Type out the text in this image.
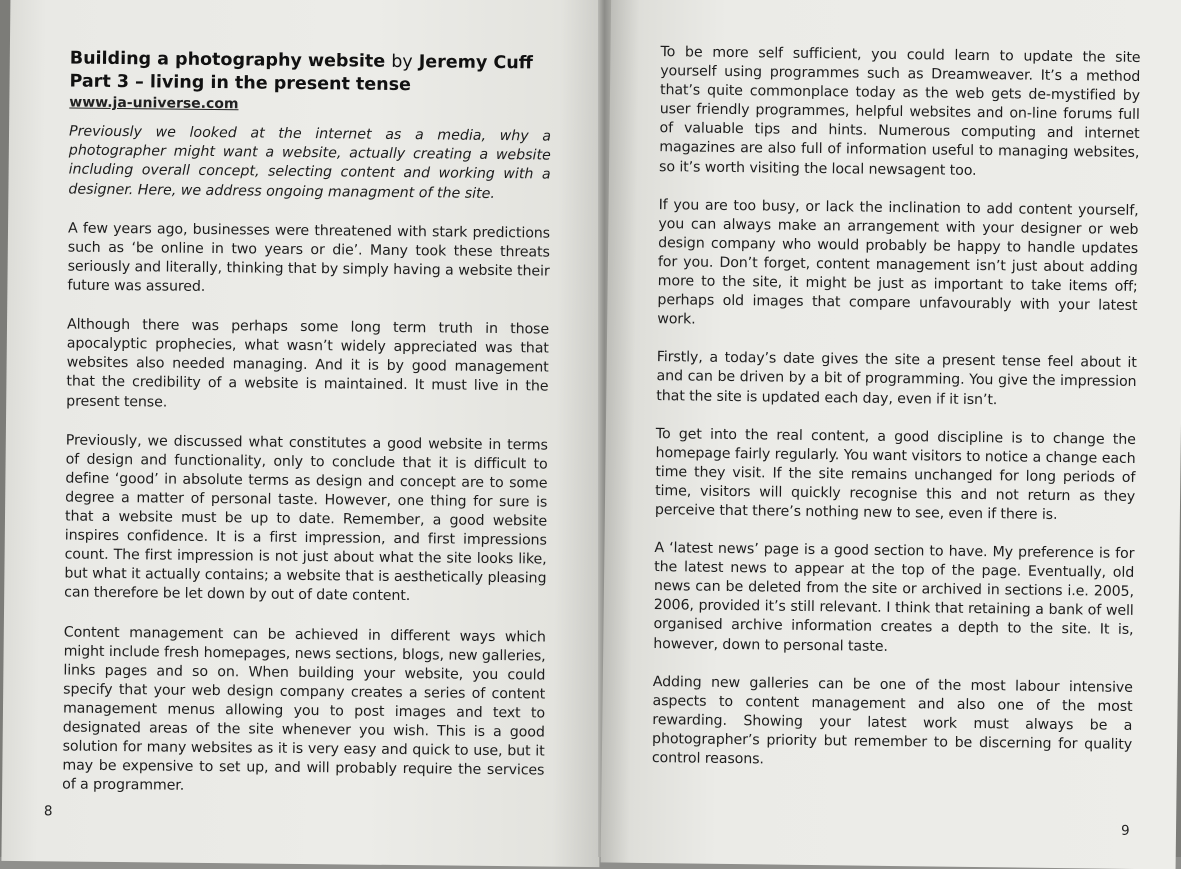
Building a photography website by Jeremy Cuff
Part 3 – living in the present tense
www.ja-universe.com

Previously we looked at the internet as a media, why a photographer might want a website, actually creating a website including overall concept, selecting content and working with a designer. Here, we address ongoing managment of the site.

A few years ago, businesses were threatened with stark predictions such as ‘be online in two years or die’. Many took these threats seriously and literally, thinking that by simply having a website their future was assured.

Although there was perhaps some long term truth in those apocalyptic prophecies, what wasn’t widely appreciated was that websites also needed managing. And it is by good management that the credibility of a website is maintained. It must live in the present tense.

Previously, we discussed what constitutes a good website in terms of design and functionality, only to conclude that it is difficult to define ‘good’ in absolute terms as design and concept are to some degree a matter of personal taste. However, one thing for sure is that a website must be up to date. Remember, a good website inspires confidence. It is a first impression, and first impressions count. The first impression is not just about what the site looks like, but what it actually contains; a website that is aesthetically pleasing can therefore be let down by out of date content.

Content management can be achieved in different ways which might include fresh homepages, news sections, blogs, new galleries, links pages and so on. When building your website, you could specify that your web design company creates a series of content management menus allowing you to post images and text to designated areas of the site whenever you wish. This is a good solution for many websites as it is very easy and quick to use, but it may be expensive to set up, and will probably require the services of a programmer.

8

To be more self sufficient, you could learn to update the site yourself using programmes such as Dreamweaver. It’s a method that’s quite commonplace today as the web gets de-mystified by user friendly programmes, helpful websites and on-line forums full of valuable tips and hints. Numerous computing and internet magazines are also full of information useful to managing websites, so it’s worth visiting the local newsagent too.

If you are too busy, or lack the inclination to add content yourself, you can always make an arrangement with your designer or web design company who would probably be happy to handle updates for you. Don’t forget, content management isn’t just about adding more to the site, it might be just as important to take items off; perhaps old images that compare unfavourably with your latest work.

Firstly, a today’s date gives the site a present tense feel about it and can be driven by a bit of programming. You give the impression that the site is updated each day, even if it isn’t.

To get into the real content, a good discipline is to change the homepage fairly regularly. You want visitors to notice a change each time they visit. If the site remains unchanged for long periods of time, visitors will quickly recognise this and not return as they perceive that there’s nothing new to see, even if there is.

A ‘latest news’ page is a good section to have. My preference is for the latest news to appear at the top of the page. Eventually, old news can be deleted from the site or archived in sections i.e. 2005, 2006, provided it’s still relevant. I think that retaining a bank of well organised archive information creates a depth to the site. It is, however, down to personal taste.

Adding new galleries can be one of the most labour intensive aspects to content management and also one of the most rewarding. Showing your latest work must always be a photographer’s priority but remember to be discerning for quality control reasons.

9
